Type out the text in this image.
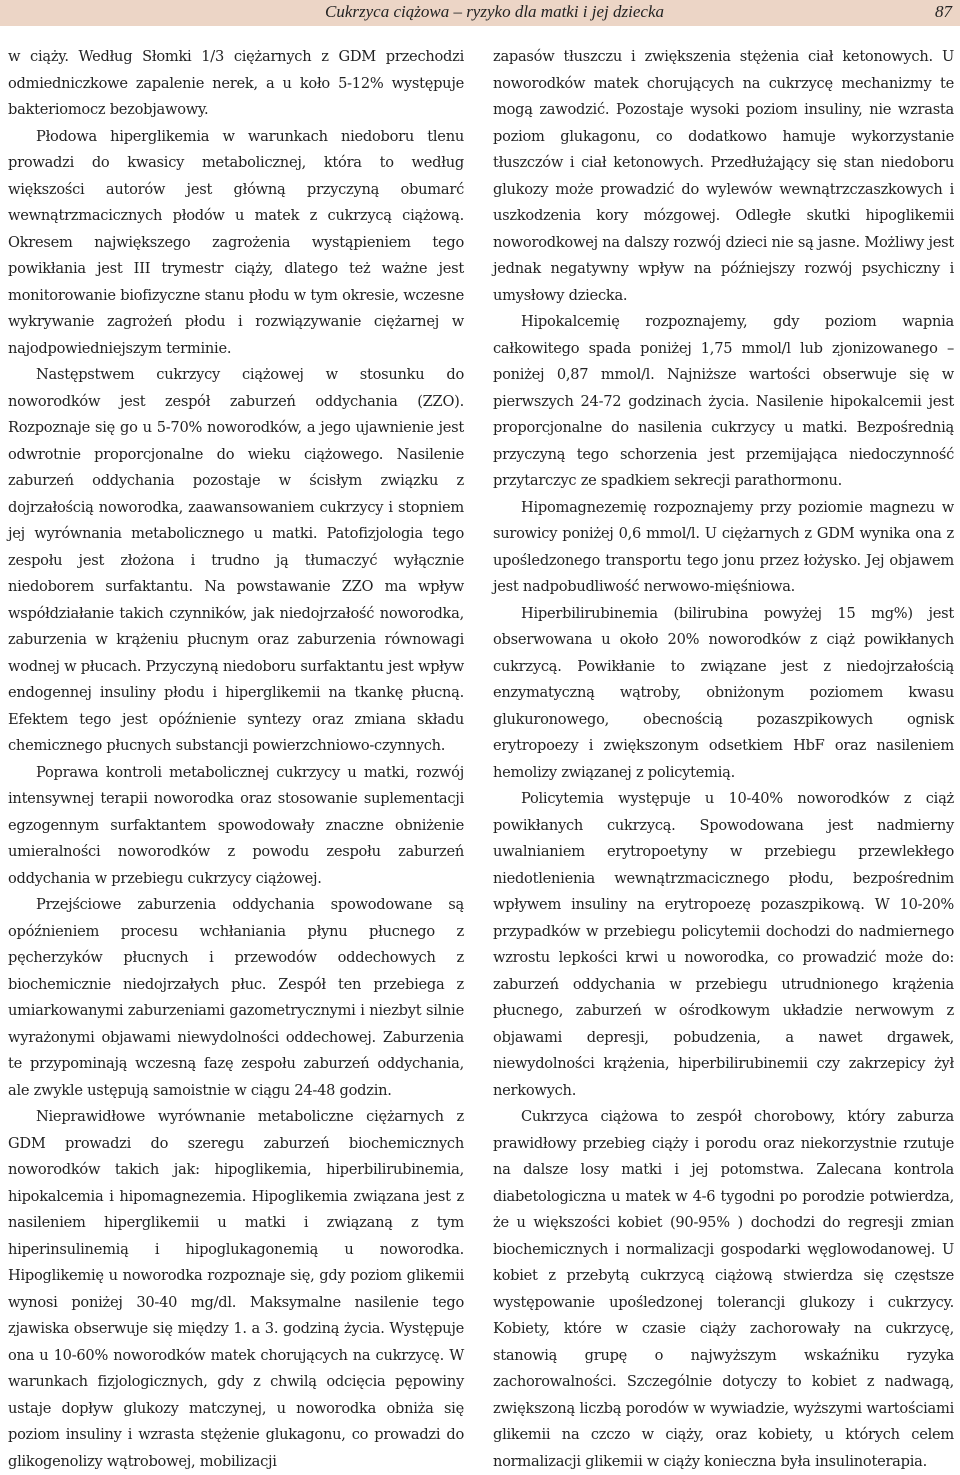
Cukrzyca ciążowa – ryzyko dla matki i jej dziecka	87

w ciąży. Według Słomki 1/3 ciężarnych z GDM przechodzi odmiedniczkowe zapalenie nerek, a u koło 5-12% występuje bakteriomocz bezobjawowy.

Płodowa hiperglikemia w warunkach niedoboru tlenu prowadzi do kwasicy metabolicznej, która to według większości autorów jest główną przyczyną obumarć wewnątrzmacicznych płodów u matek z cukrzycą ciążową. Okresem największego zagrożenia wystąpieniem tego powikłania jest III trymestr ciąży, dlatego też ważne jest monitorowanie biofizyczne stanu płodu w tym okresie, wczesne wykrywanie zagrożeń płodu i rozwiązywanie ciężarnej w najodpowiedniejszym terminie.

Następstwem cukrzycy ciążowej w stosunku do noworodków jest zespół zaburzeń oddychania (ZZO). Rozpoznaje się go u 5-70% noworodków, a jego ujawnienie jest odwrotnie proporcjonalne do wieku ciążowego. Nasilenie zaburzeń oddychania pozostaje w ścisłym związku z dojrzałością noworodka, zaawansowaniem cukrzycy i stopniem jej wyrównania metabolicznego u matki. Patofizjologia tego zespołu jest złożona i trudno ją tłumaczyć wyłącznie niedoborem surfaktantu. Na powstawanie ZZO ma wpływ współdziałanie takich czynników, jak niedojrzałość noworodka, zaburzenia w krążeniu płucnym oraz zaburzenia równowagi wodnej w płucach. Przyczyną niedoboru surfaktantu jest wpływ endogennej insuliny płodu i hiperglikemii na tkankę płucną. Efektem tego jest opóźnienie syntezy oraz zmiana składu chemicznego płucnych substancji powierzchniowo-czynnych.

Poprawa kontroli metabolicznej cukrzycy u matki, rozwój intensywnej terapii noworodka oraz stosowanie suplementacji egzogennym surfaktantem spowodowały znaczne obniżenie umieralności noworodków z powodu zespołu zaburzeń oddychania w przebiegu cukrzycy ciążowej.

Przejściowe zaburzenia oddychania spowodowane są opóźnieniem procesu wchłaniania płynu płucnego z pęcherzyków płucnych i przewodów oddechowych z biochemicznie niedojrzałych płuc. Zespół ten przebiega z umiarkowanymi zaburzeniami gazometrycznymi i niezbyt silnie wyrażonymi objawami niewydolności oddechowej. Zaburzenia te przypominają wczesną fazę zespołu zaburzeń oddychania, ale zwykle ustępują samoistnie w ciągu 24-48 godzin.

Nieprawidłowe wyrównanie metaboliczne ciężarnych z GDM prowadzi do szeregu zaburzeń biochemicznych noworodków takich jak: hipoglikemia, hiperbilirubinemia, hipokalcemia i hipomagnezemia. Hipoglikemia związana jest z nasileniem hiperglikemii u matki i związaną z tym hiperinsulinemią i hipoglukagonemią u noworodka. Hipoglikemię u noworodka rozpoznaje się, gdy poziom glikemii wynosi poniżej 30-40 mg/dl. Maksymalne nasilenie tego zjawiska obserwuje się między 1. a 3. godziną życia. Występuje ona u 10-60% noworodków matek chorujących na cukrzycę. W warunkach fizjologicznych, gdy z chwilą odcięcia pępowiny ustaje dopływ glukozy matczynej, u noworodka obniża się poziom insuliny i wzrasta stężenie glukagonu, co prowadzi do glikogenolizy wątrobowej, mobilizacji

zapasów tłuszczu i zwiększenia stężenia ciał ketonowych. U noworodków matek chorujących na cukrzycę mechanizmy te mogą zawodzić. Pozostaje wysoki poziom insuliny, nie wzrasta poziom glukagonu, co dodatkowo hamuje wykorzystanie tłuszczów i ciał ketonowych. Przedłużający się stan niedoboru glukozy może prowadzić do wylewów wewnątrzczaszkowych i uszkodzenia kory mózgowej. Odległe skutki hipoglikemii noworodkowej na dalszy rozwój dzieci nie są jasne. Możliwy jest jednak negatywny wpływ na późniejszy rozwój psychiczny i umysłowy dziecka.

Hipokalcemię rozpoznajemy, gdy poziom wapnia całkowitego spada poniżej 1,75 mmol/l lub zjonizowanego –poniżej 0,87 mmol/l. Najniższe wartości obserwuje się w pierwszych 24-72 godzinach życia. Nasilenie hipokalcemii jest proporcjonalne do nasilenia cukrzycy u matki. Bezpośrednią przyczyną tego schorzenia jest przemijająca niedoczynność przytarczyc ze spadkiem sekrecji parathormonu.

Hipomagnezemię rozpoznajemy przy poziomie magnezu w surowicy poniżej 0,6 mmol/l. U ciężarnych z GDM wynika ona z upośledzonego transportu tego jonu przez łożysko. Jej objawem jest nadpobudliwość nerwowo-mięśniowa.

Hiperbilirubinemia (bilirubina powyżej 15 mg%) jest obserwowana u około 20% noworodków z ciąż powikłanych cukrzycą. Powikłanie to związane jest z niedojrzałością enzymatyczną wątroby, obniżonym poziomem kwasu glukuronowego, obecnością pozaszpikowych ognisk erytropoezy i zwiększonym odsetkiem HbF oraz nasileniem hemolizy związanej z policytemią.

Policytemia występuje u 10-40% noworodków z ciąż powikłanych cukrzycą. Spowodowana jest nadmierny uwalnianiem erytropoetyny w przebiegu przewlekłego niedotlenienia wewnątrzmacicznego płodu, bezpośrednim wpływem insuliny na erytropoezę pozaszpikową. W 10-20% przypadków w przebiegu policytemii dochodzi do nadmiernego wzrostu lepkości krwi u noworodka, co prowadzić może do: zaburzeń oddychania w przebiegu utrudnionego krążenia płucnego, zaburzeń w ośrodkowym układzie nerwowym z objawami depresji, pobudzenia, a nawet drgawek, niewydolności krążenia, hiperbilirubinemii czy zakrzepicy żył nerkowych.

Cukrzyca ciążowa to zespół chorobowy, który zaburza prawidłowy przebieg ciąży i porodu oraz niekorzystnie rzutuje na dalsze losy matki i jej potomstwa. Zalecana kontrola diabetologiczna u matek w 4-6 tygodni po porodzie potwierdza, że u większości kobiet (90-95% ) dochodzi do regresji zmian biochemicznych i normalizacji gospodarki węglowodanowej. U kobiet z przebytą cukrzycą ciążową stwierdza się częstsze występowanie upośledzonej tolerancji glukozy i cukrzycy. Kobiety, które w czasie ciąży zachorowały na cukrzycę, stanowią grupę o najwyższym wskaźniku ryzyka zachorowalności. Szczególnie dotyczy to kobiet z nadwagą, zwiększoną liczbą porodów w wywiadzie, wyższymi wartościami glikemii na czczo w ciąży, oraz kobiety, u których celem normalizacji glikemii w ciąży konieczna była insulinoterapia.
